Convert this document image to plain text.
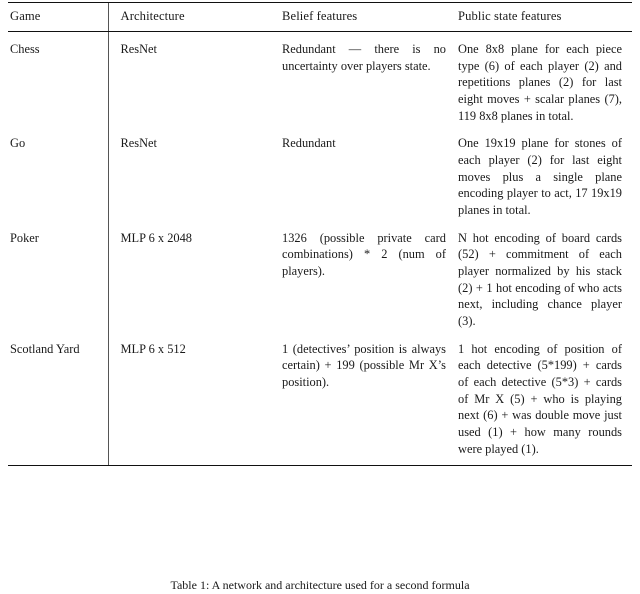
Game	Architecture	Belief features	Public state features
Chess	ResNet	Redundant — there is no uncertainty over players state.	One 8x8 plane for each piece type (6) of each player (2) and repetitions planes (2) for last eight moves + scalar planes (7), 119 8x8 planes in total.
Go	ResNet	Redundant	One 19x19 plane for stones of each player (2) for last eight moves plus a single plane encoding player to act, 17 19x19 planes in total.
Poker	MLP 6 x 2048	1326 (possible private card combinations) * 2 (num of players).	N hot encoding of board cards (52) + commitment of each player normalized by his stack (2) + 1 hot encoding of who acts next, including chance player (3).
Scotland Yard	MLP 6 x 512	1 (detectives’ position is always certain) + 199 (possible Mr X’s position).	1 hot encoding of position of each detective (5*199) + cards of each detective (5*3) + cards of Mr X (5) + who is playing next (6) + was double move just used (1) + how many rounds were played (1).
Table 1: A network and architecture used for a second formula
